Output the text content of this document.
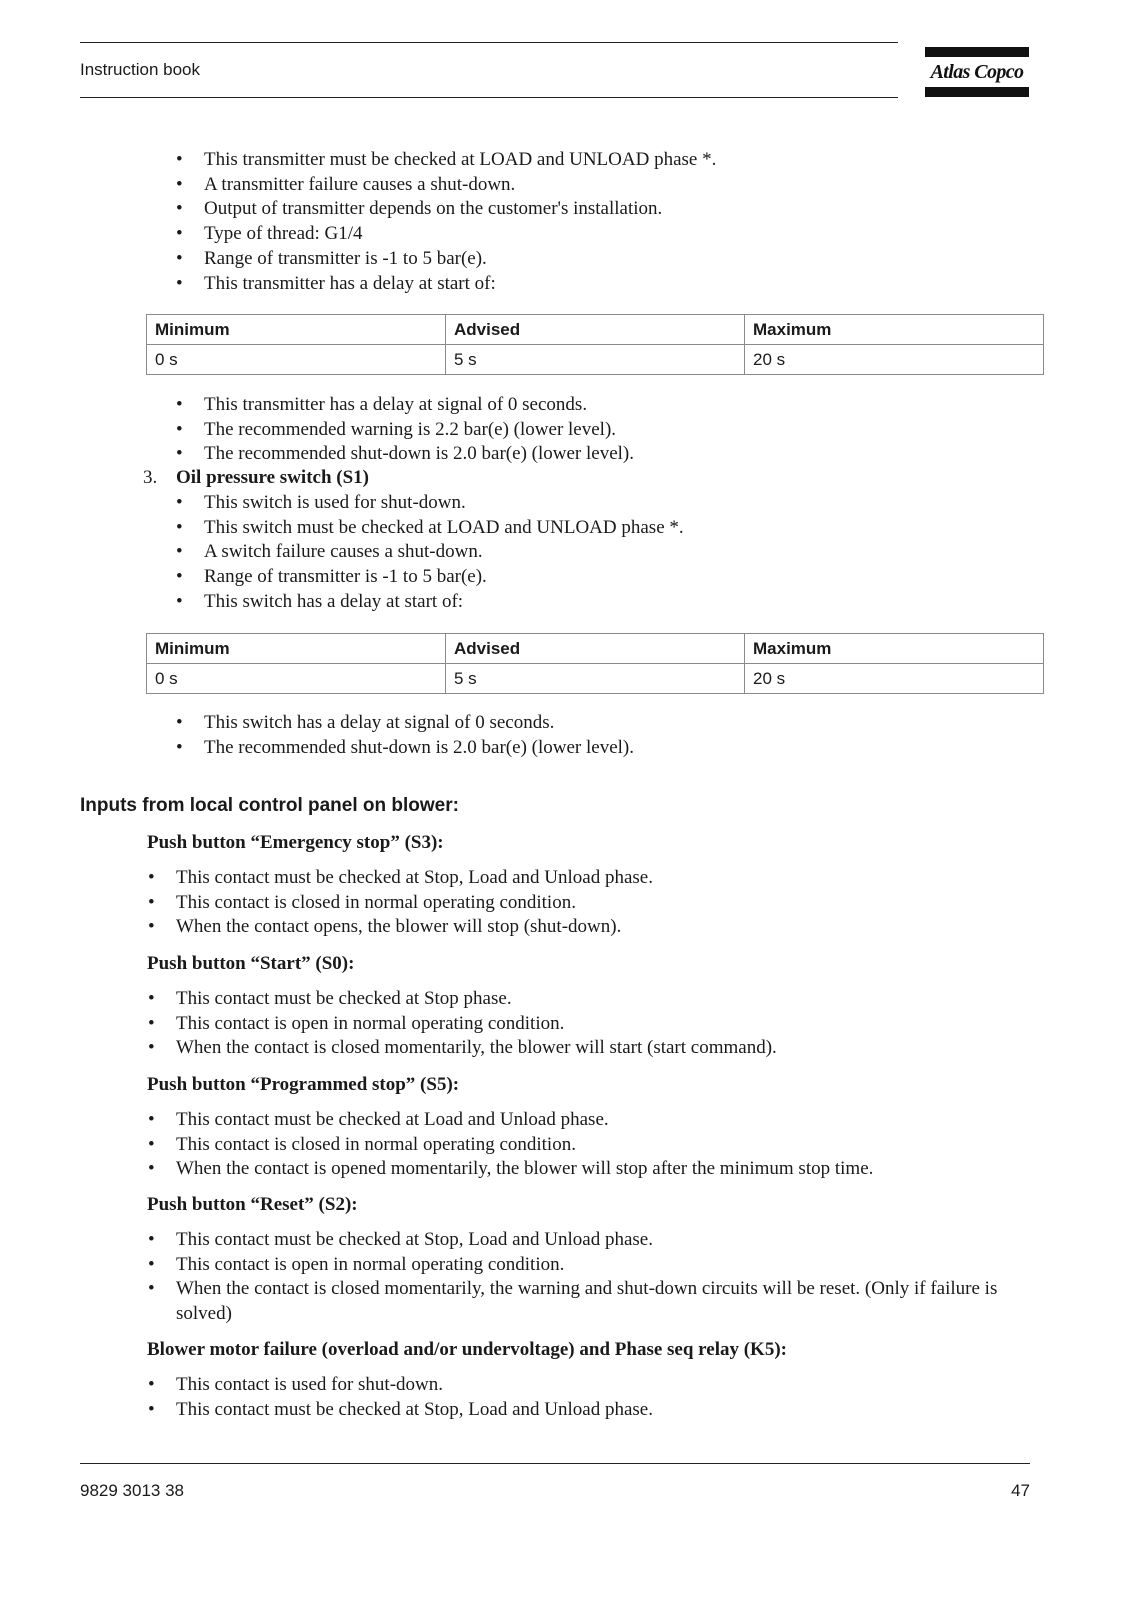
Instruction book	Atlas Copco
• This transmitter must be checked at LOAD and UNLOAD phase *.
• A transmitter failure causes a shut-down.
• Output of transmitter depends on the customer's installation.
• Type of thread: G1/4
• Range of transmitter is -1 to 5 bar(e).
• This transmitter has a delay at start of:
Minimum	Advised	Maximum
0 s	5 s	20 s
• This transmitter has a delay at signal of 0 seconds.
• The recommended warning is 2.2 bar(e) (lower level).
• The recommended shut-down is 2.0 bar(e) (lower level).
3. Oil pressure switch (S1)
• This switch is used for shut-down.
• This switch must be checked at LOAD and UNLOAD phase *.
• A switch failure causes a shut-down.
• Range of transmitter is -1 to 5 bar(e).
• This switch has a delay at start of:
Minimum	Advised	Maximum
0 s	5 s	20 s
• This switch has a delay at signal of 0 seconds.
• The recommended shut-down is 2.0 bar(e) (lower level).
Inputs from local control panel on blower:
Push button “Emergency stop” (S3):
• This contact must be checked at Stop, Load and Unload phase.
• This contact is closed in normal operating condition.
• When the contact opens, the blower will stop (shut-down).
Push button “Start” (S0):
• This contact must be checked at Stop phase.
• This contact is open in normal operating condition.
• When the contact is closed momentarily, the blower will start (start command).
Push button “Programmed stop” (S5):
• This contact must be checked at Load and Unload phase.
• This contact is closed in normal operating condition.
• When the contact is opened momentarily, the blower will stop after the minimum stop time.
Push button “Reset” (S2):
• This contact must be checked at Stop, Load and Unload phase.
• This contact is open in normal operating condition.
• When the contact is closed momentarily, the warning and shut-down circuits will be reset. (Only if failure is solved)
Blower motor failure (overload and/or undervoltage) and Phase seq relay (K5):
• This contact is used for shut-down.
• This contact must be checked at Stop, Load and Unload phase.
9829 3013 38	47
